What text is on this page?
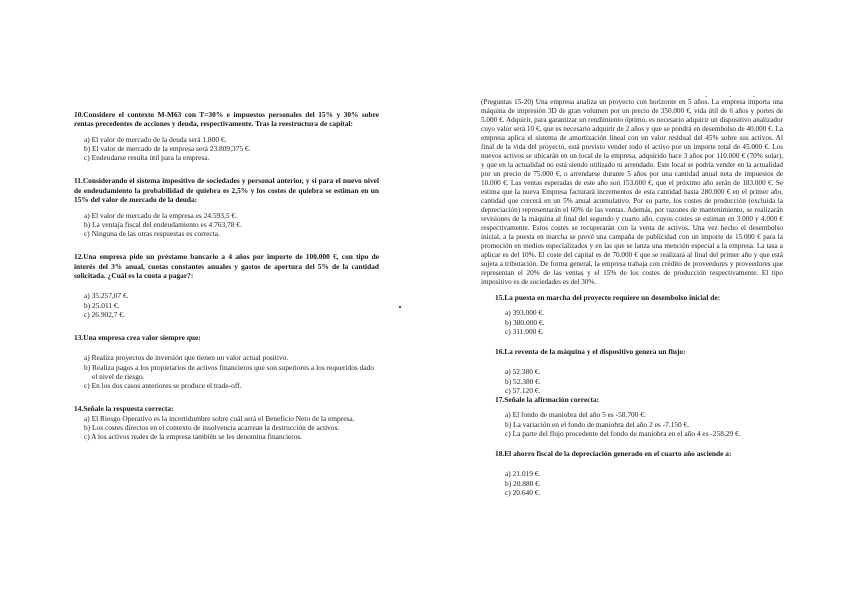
. . .

10.Considere el contexto M-M63 con T=30% e impuestos personales del 15% y 30% sobre rentas precedentes de acciones y deuda, respectivamente. Tras la reestructura de capital:

a) El valor de mercado de la deuda será 1.800 €.

b) El valor de mercado de la empresa será 23.809,375 €.

c) Endeudarse resulta útil para la empresa.

11.Considerando el sistema impositivo de sociedades y personal anterior, y si para el nuevo nivel de endeudamiento la probabilidad de quiebra es 2,5% y los costes de quiebra se estiman en un 15% del valor de mercado de la deuda:

a) El valor de mercado de la empresa es 24.593,5 €.

b) La ventaja fiscal del endeudamiento es 4.763,78 €.

c) Ninguna de las otras respuestas es correcta.

12.Una empresa pide un préstamo bancario a 4 años por importe de 100.000 €, con tipo de interés del 3% anual, cuotas constantes anuales y gastos de apertura del 5% de la cantidad solicitada. ¿Cuál es la cuota a pagar?:

a) 35.257,07 €.

b) 25.011 €.

c) 26.902,7 €.

13.Una empresa crea valor siempre que:

a) Realiza proyectos de inversión que tienen un valor actual positivo.

b) Realiza pagos a los propietarios de activos financieros que son superiores a los requeridos dado el nivel de riesgo.

c) En los dos casos anteriores se produce el trade-off.

14.Señale la respuesta correcta:

a) El Riesgo Operativo es la incertidumbre sobre cuál será el Beneficio Neto de la empresa.

b) Los costes directos en el contexto de insolvencia acarrean la destrucción de activos.

c) A los activos reales de la empresa también se les denomina financieros.

(Preguntas 15-20) Una empresa analiza un proyecto con horizonte en 5 años. La empresa importa una máquina de impresión 3D de gran volumen por un precio de 350.000 €, vida útil de 6 años y portes de 5.000 €. Adquirir, para garantizar un rendimiento óptimo, es necesario adquirir un dispositivo analizador cuyo valor será 10 €, que es necesario adquirir de 2 años y que se pondrá en desembolso de 40.000 €. La empresa aplica el sistema de amortización lineal con un valor residual del 45% sobre sus activos. Al final de la vida del proyecto, está previsto vender todo el activo por un importe total de 45.000 €. Los nuevos activos se ubicarán en un local de la empresa, adquirido hace 3 años por 110.000 € (70% solar), y que en la actualidad no está siendo utilizado ni arrendado. Este local se podría vender en la actualidad por un precio de 75.000 €, o arrendarse durante 5 años por una cantidad anual neta de impuestos de 10.000 €. Las ventas esperadas de este año son 153.000 €, que el próximo año serán de 183.000 €. Se estima que la nueva Empresa facturará incrementos de esta cantidad hasta 280.000 € en el primer año, cantidad que crecerá en un 5% anual acumulativo. Por su parte, los costes de producción (excluida la depreciación) representarán el 60% de las ventas. Además, por razones de mantenimiento, se realizarán revisiones de la máquina al final del segundo y cuarto año, cuyos costes se estiman en 3.000 y 4.000 € respectivamente. Estos costes se recuperarán con la venta de activos. Una vez hecho el desembolso inicial, a la puesta en marcha se prevé una campaña de publicidad con un importe de 15.000 € para la promoción en medios especializados y en las que se lanza una mención especial a la empresa. La tasa a aplicar es del 10%. El coste del capital es de 70.000 € que se realizará al final del primer año y que está sujeta a tributación. De forma general, la empresa trabaja con crédito de proveedores y proveedores que representan el 20% de las ventas y el 15% de los costes de producción respectivamente. El tipo impositivo es de sociedades es del 30%.

15.La puesta en marcha del proyecto requiere un desembolso inicial de:

a) 393.000 €.

b) 380.000 €.

c) 311.000 €.

16.La reventa de la máquina y el dispositivo genera un flujo:

a) 52.380 €.

b) 52.380 €.

c) 57.120 €.

17.Señale la afirmación correcta:

a) El fondo de maniobra del año 5 es -58.700 €.

b) La variación en el fondo de maniobra del año 2 es -7.150 €.

c) La parte del flujo procedente del fondo de maniobra en el año 4 es -258,29 €.

18.El ahorro fiscal de la depreciación generado en el cuarto año asciende a:

a) 21.019 €.

b) 20.880 €.

c) 20.640 €.
